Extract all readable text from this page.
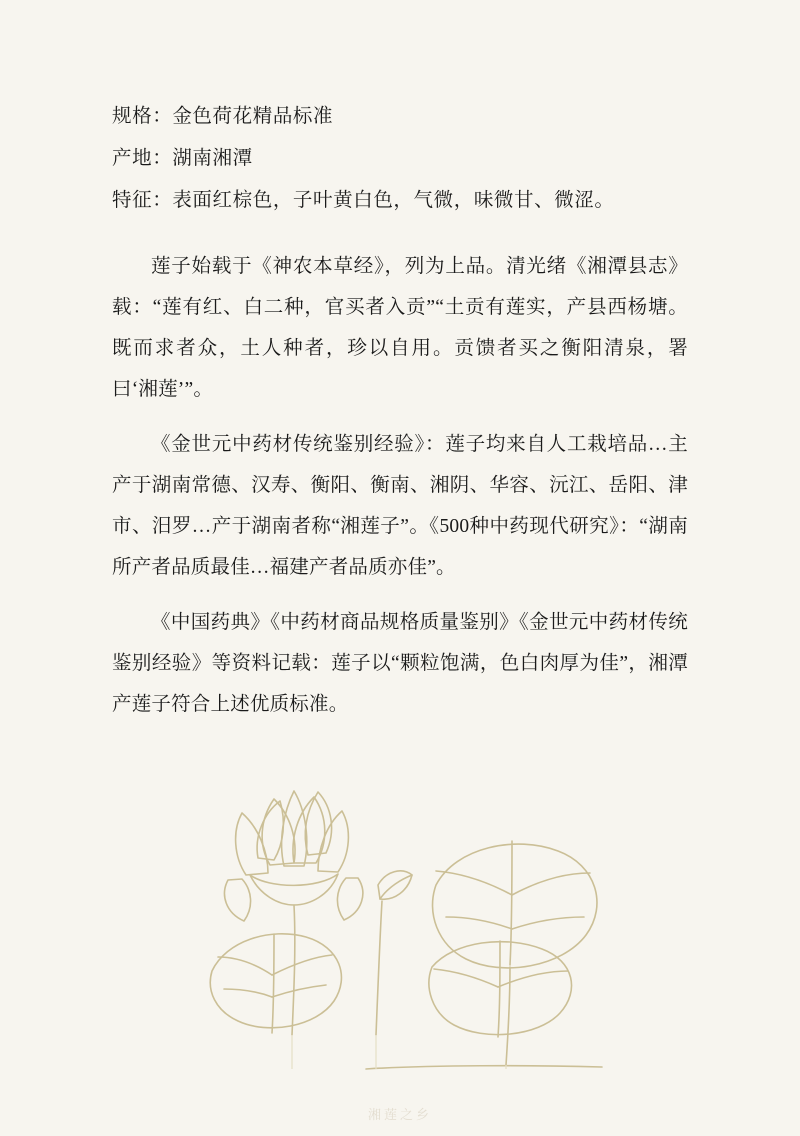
规格：金色荷花精品标准
产地：湖南湘潭
特征：表面红棕色，子叶黄白色，气微，味微甘、微涩。

莲子始载于《神农本草经》，列为上品。清光绪《湘潭县志》载：“莲有红、白二种，官买者入贡”“土贡有莲实，产县西杨塘。既而求者众，土人种者，珍以自用。贡馈者买之衡阳清泉，署曰‘湘莲’”。

《金世元中药材传统鉴别经验》：莲子均来自人工栽培品…主产于湖南常德、汉寿、衡阳、衡南、湘阴、华容、沅江、岳阳、津市、汨罗…产于湖南者称“湘莲子”。《500种中药现代研究》：“湖南所产者品质最佳…福建产者品质亦佳”。

《中国药典》《中药材商品规格质量鉴别》《金世元中药材传统鉴别经验》等资料记载：莲子以“颗粒饱满，色白肉厚为佳”，湘潭产莲子符合上述优质标准。

湘莲之乡
